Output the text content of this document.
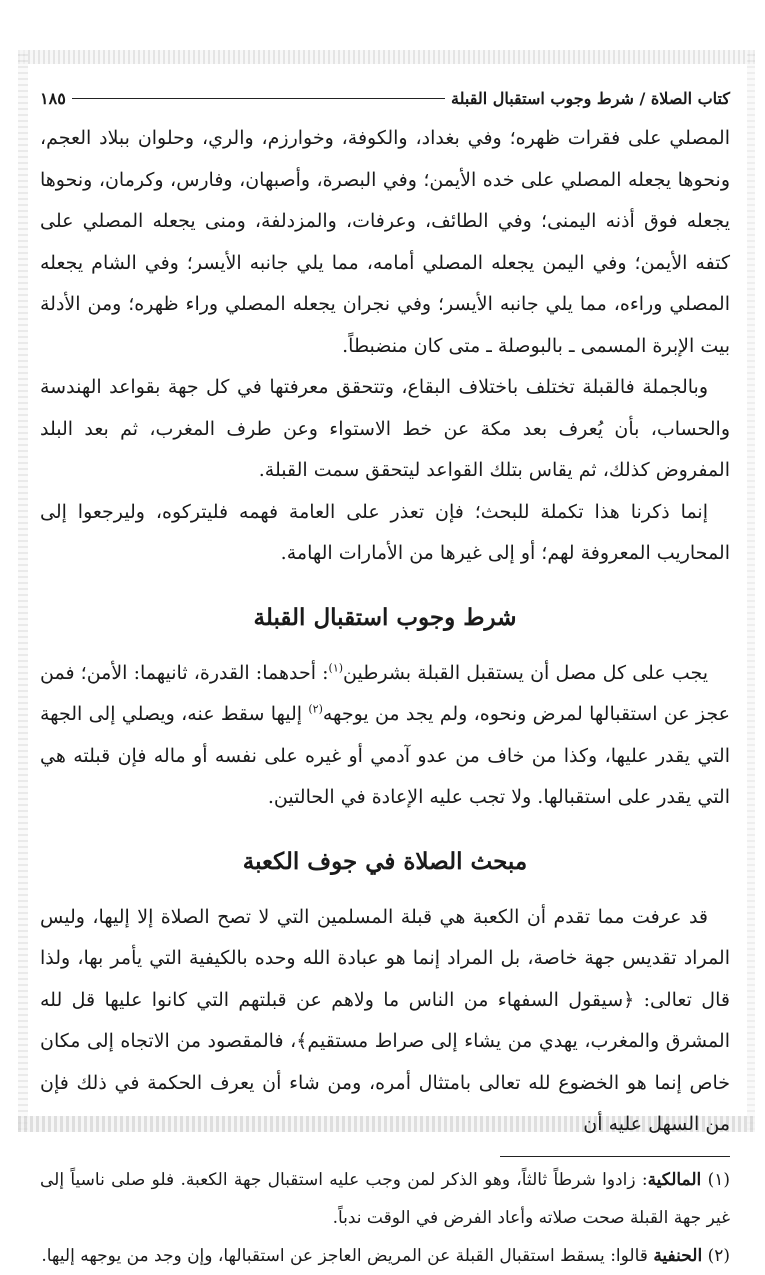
كتاب الصلاة / شرط وجوب استقبال القبلة
١٨٥

المصلي على فقرات ظهره؛ وفي بغداد، والكوفة، وخوارزم، والري، وحلوان ببلاد العجم، ونحوها يجعله المصلي على خده الأيمن؛ وفي البصرة، وأصبهان، وفارس، وكرمان، ونحوها يجعله فوق أذنه اليمنى؛ وفي الطائف، وعرفات، والمزدلفة، ومنى يجعله المصلي على كتفه الأيمن؛ وفي اليمن يجعله المصلي أمامه، مما يلي جانبه الأيسر؛ وفي الشام يجعله المصلي وراءه، مما يلي جانبه الأيسر؛ وفي نجران يجعله المصلي وراء ظهره؛ ومن الأدلة بيت الإبرة المسمى ـ بالبوصلة ـ متى كان منضبطاً.

وبالجملة فالقبلة تختلف باختلاف البقاع، وتتحقق معرفتها في كل جهة بقواعد الهندسة والحساب، بأن يُعرف بعد مكة عن خط الاستواء وعن طرف المغرب، ثم بعد البلد المفروض كذلك، ثم يقاس بتلك القواعد ليتحقق سمت القبلة.

إنما ذكرنا هذا تكملة للبحث؛ فإن تعذر على العامة فهمه فليتركوه، وليرجعوا إلى المحاريب المعروفة لهم؛ أو إلى غيرها من الأمارات الهامة.

شرط وجوب استقبال القبلة

يجب على كل مصل أن يستقبل القبلة بشرطين$^{(١)}$: أحدهما: القدرة، ثانيهما: الأمن؛ فمن عجز عن استقبالها لمرض ونحوه، ولم يجد من يوجهه$^{(٢)}$ إليها سقط عنه، ويصلي إلى الجهة التي يقدر عليها، وكذا من خاف من عدو آدمي أو غيره على نفسه أو ماله فإن قبلته هي التي يقدر على استقبالها. ولا تجب عليه الإعادة في الحالتين.

مبحث الصلاة في جوف الكعبة

قد عرفت مما تقدم أن الكعبة هي قبلة المسلمين التي لا تصح الصلاة إلا إليها، وليس المراد تقديس جهة خاصة، بل المراد إنما هو عبادة الله وحده بالكيفية التي يأمر بها، ولذا قال تعالى: ﴿سيقول السفهاء من الناس ما ولاهم عن قبلتهم التي كانوا عليها قل لله المشرق والمغرب، يهدي من يشاء إلى صراط مستقيم﴾، فالمقصود من الاتجاه إلى مكان خاص إنما هو الخضوع لله تعالى بامتثال أمره، ومن شاء أن يعرف الحكمة في ذلك فإن من السهل عليه أن

(١) المالكية: زادوا شرطاً ثالثاً، وهو الذكر لمن وجب عليه استقبال جهة الكعبة. فلو صلى ناسياً إلى غير جهة القبلة صحت صلاته وأعاد الفرض في الوقت ندباً.

(٢) الحنفية قالوا: يسقط استقبال القبلة عن المريض العاجز عن استقبالها، وإن وجد من يوجهه إليها.
